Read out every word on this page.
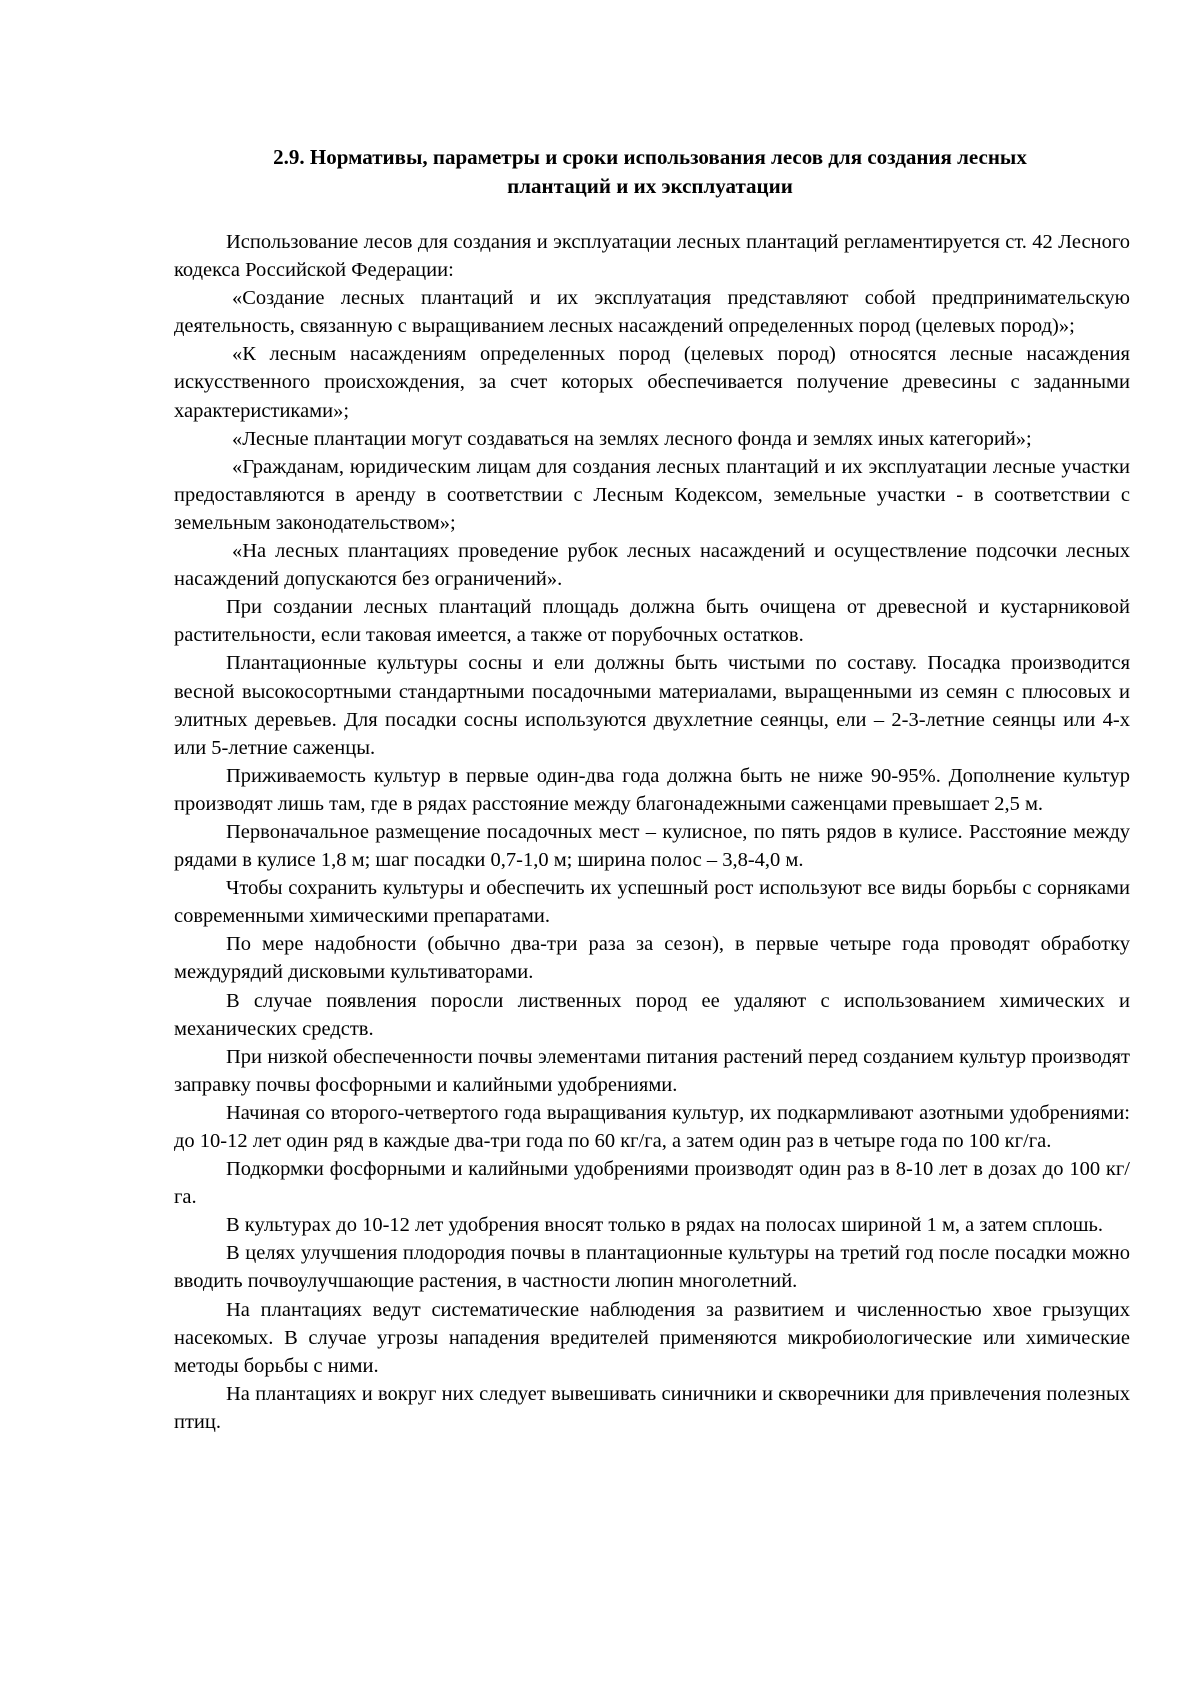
2.9. Нормативы, параметры и сроки использования лесов для создания лесных
плантаций и их эксплуатации

Использование лесов для создания и эксплуатации лесных плантаций регламентируется ст. 42 Лесного кодекса Российской Федерации:

«Создание лесных плантаций и их эксплуатация представляют собой предпринимательскую деятельность, связанную с выращиванием лесных насаждений определенных пород (целевых пород)»;

«К лесным насаждениям определенных пород (целевых пород) относятся лесные насаждения искусственного происхождения, за счет которых обеспечивается получение древесины с заданными характеристиками»;

«Лесные плантации могут создаваться на землях лесного фонда и землях иных категорий»;

«Гражданам, юридическим лицам для создания лесных плантаций и их эксплуатации лесные участки предоставляются в аренду в соответствии с Лесным Кодексом, земельные участки - в соответствии с земельным законодательством»;

«На лесных плантациях проведение рубок лесных насаждений и осуществление подсочки лесных насаждений допускаются без ограничений».

При создании лесных плантаций площадь должна быть очищена от древесной и кустарниковой растительности, если таковая имеется, а также от порубочных остатков.

Плантационные культуры сосны и ели должны быть чистыми по составу. Посадка производится весной высокосортными стандартными посадочными материалами, выращенными из семян с плюсовых и элитных деревьев. Для посадки сосны используются двухлетние сеянцы, ели – 2-3-летние сеянцы или 4-х или 5-летние саженцы.

Приживаемость культур в первые один-два года должна быть не ниже 90-95%. Дополнение культур производят лишь там, где в рядах расстояние между благонадежными саженцами превышает 2,5 м.

Первоначальное размещение посадочных мест – кулисное, по пять рядов в кулисе. Расстояние между рядами в кулисе 1,8 м; шаг посадки 0,7-1,0 м; ширина полос – 3,8-4,0 м.

Чтобы сохранить культуры и обеспечить их успешный рост используют все виды борьбы с сорняками современными химическими препаратами.

По мере надобности (обычно два-три раза за сезон), в первые четыре года проводят обработку междурядий дисковыми культиваторами.

В случае появления поросли лиственных пород ее удаляют с использованием химических и механических средств.

При низкой обеспеченности почвы элементами питания растений перед созданием культур производят заправку почвы фосфорными и калийными удобрениями.

Начиная со второго-четвертого года выращивания культур, их подкармливают азотными удобрениями: до 10-12 лет один ряд в каждые два-три года по 60 кг/га, а затем один раз в четыре года по 100 кг/га.

Подкормки фосфорными и калийными удобрениями производят один раз в 8-10 лет в дозах до 100 кг/га.

В культурах до 10-12 лет удобрения вносят только в рядах на полосах шириной 1 м, а затем сплошь.

В целях улучшения плодородия почвы в плантационные культуры на третий год после посадки можно вводить почвоулучшающие растения, в частности люпин многолетний.

На плантациях ведут систематические наблюдения за развитием и численностью хвое грызущих насекомых. В случае угрозы нападения вредителей применяются микробиологические или химические методы борьбы с ними.

На плантациях и вокруг них следует вывешивать синичники и скворечники для привлечения полезных птиц.
